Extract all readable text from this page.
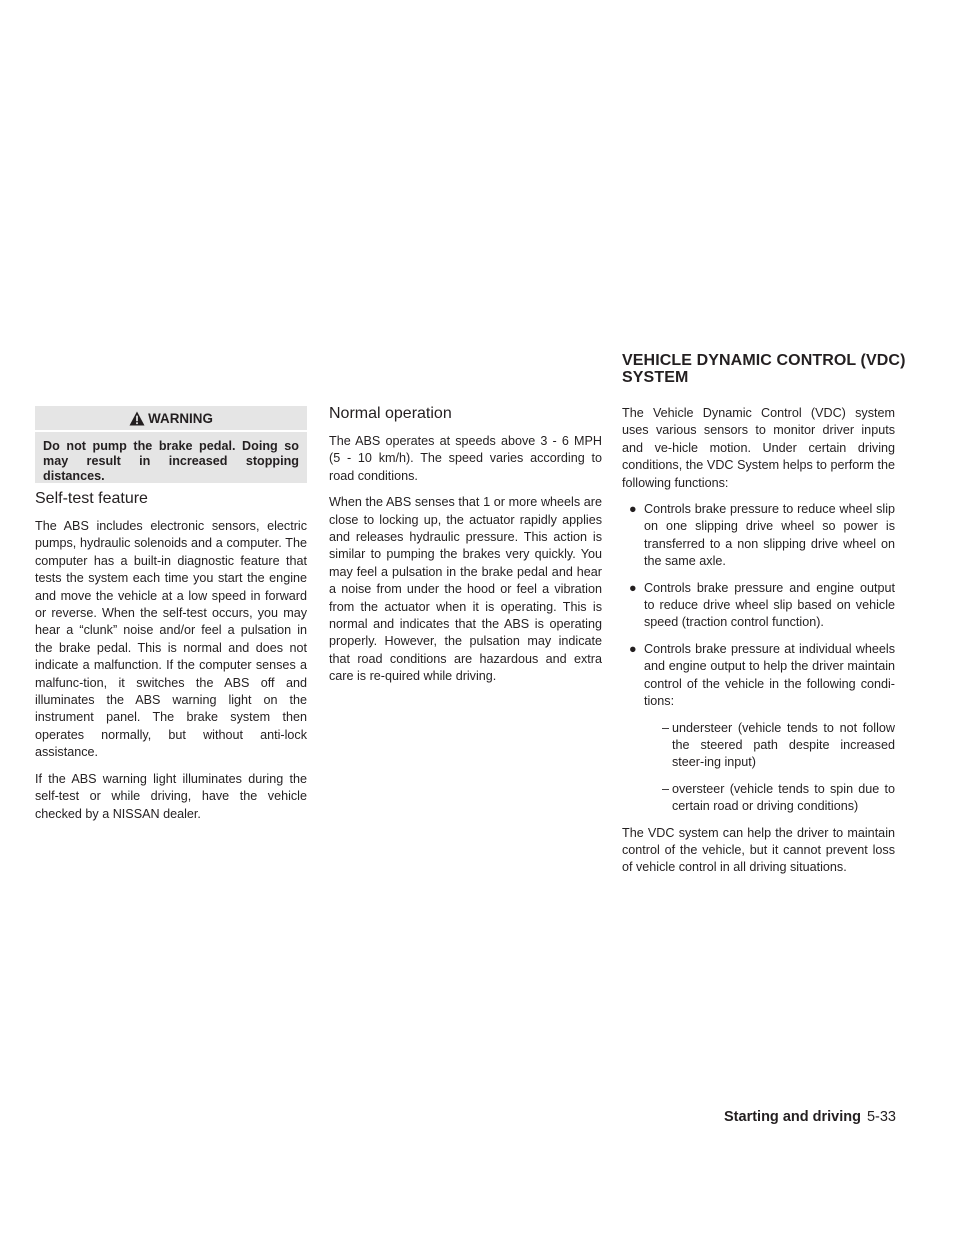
WARNING
Do not pump the brake pedal. Doing so may result in increased stopping distances.
Self-test feature

The ABS includes electronic sensors, electric pumps, hydraulic solenoids and a computer. The computer has a built-in diagnostic feature that tests the system each time you start the engine and move the vehicle at a low speed in forward or reverse. When the self-test occurs, you may hear a “clunk” noise and/or feel a pulsation in the brake pedal. This is normal and does not indicate a malfunction. If the computer senses a malfunc-tion, it switches the ABS off and illuminates the ABS warning light on the instrument panel. The brake system then operates normally, but without anti-lock assistance.

If the ABS warning light illuminates during the self-test or while driving, have the vehicle checked by a NISSAN dealer.

Normal operation

The ABS operates at speeds above 3 - 6 MPH (5 - 10 km/h). The speed varies according to road conditions.

When the ABS senses that 1 or more wheels are close to locking up, the actuator rapidly applies and releases hydraulic pressure. This action is similar to pumping the brakes very quickly. You may feel a pulsation in the brake pedal and hear a noise from under the hood or feel a vibration from the actuator when it is operating. This is normal and indicates that the ABS is operating properly. However, the pulsation may indicate that road conditions are hazardous and extra care is re-quired while driving.

VEHICLE DYNAMIC CONTROL (VDC)
SYSTEM

The Vehicle Dynamic Control (VDC) system uses various sensors to monitor driver inputs and ve-hicle motion. Under certain driving conditions, the VDC System helps to perform the following functions:

● Controls brake pressure to reduce wheel slip on one slipping drive wheel so power is transferred to a non slipping drive wheel on the same axle.
● Controls brake pressure and engine output to reduce drive wheel slip based on vehicle speed (traction control function).
● Controls brake pressure at individual wheels and engine output to help the driver maintain control of the vehicle in the following condi-tions:
– understeer (vehicle tends to not follow the steered path despite increased steer-ing input)
– oversteer (vehicle tends to spin due to certain road or driving conditions)

The VDC system can help the driver to maintain control of the vehicle, but it cannot prevent loss of vehicle control in all driving situations.

Starting and driving 5-33
